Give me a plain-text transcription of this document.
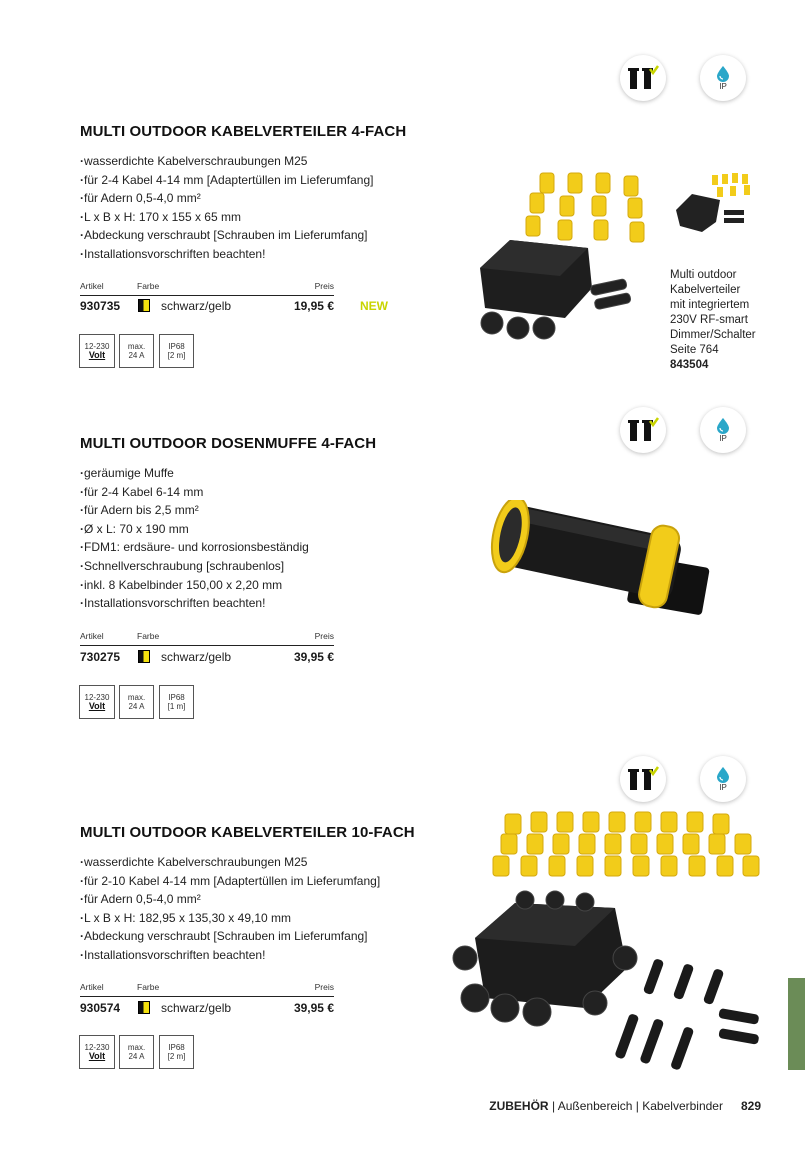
IP
MULTI OUTDOOR KABELVERTEILER 4-FACH
· wasserdichte Kabelverschraubungen M25
· für 2-4 Kabel 4-14 mm [Adaptertüllen im Lieferumfang]
· für Adern 0,5-4,0 mm²
· L x B x H: 170 x 155 x 65 mm
· Abdeckung verschraubt [Schrauben im Lieferumfang]
· Installationsvorschriften beachten!
Artikel	Farbe	Preis
930735	schwarz/gelb	19,95 € NEW
12-230
Volt
max.
24 A
IP68
[2 m]
Multi outdoor
Kabelverteiler
mit integriertem
230V RF-smart
Dimmer/Schalter
Seite 764
843504
IP
MULTI OUTDOOR DOSENMUFFE 4-FACH
· geräumige Muffe
· für 2-4 Kabel 6-14 mm
· für Adern bis 2,5 mm²
· Ø x L: 70 x 190 mm
· FDM1: erdsäure- und korrosionsbeständig
· Schnellverschraubung [schraubenlos]
· inkl. 8 Kabelbinder 150,00 x 2,20 mm
· Installationsvorschriften beachten!
Artikel	Farbe	Preis
730275	schwarz/gelb	39,95 €
12-230
Volt
max.
24 A
IP68
[1 m]
IP
MULTI OUTDOOR KABELVERTEILER 10-FACH
· wasserdichte Kabelverschraubungen M25
· für 2-10 Kabel 4-14 mm [Adaptertüllen im Lieferumfang]
· für Adern 0,5-4,0 mm²
· L x B x H: 182,95 x 135,30 x 49,10 mm
· Abdeckung verschraubt [Schrauben im Lieferumfang]
· Installationsvorschriften beachten!
Artikel	Farbe	Preis
930574	schwarz/gelb	39,95 €
12-230
Volt
max.
24 A
IP68
[2 m]
ZUBEHÖR | Außenbereich | Kabelverbinder 829
